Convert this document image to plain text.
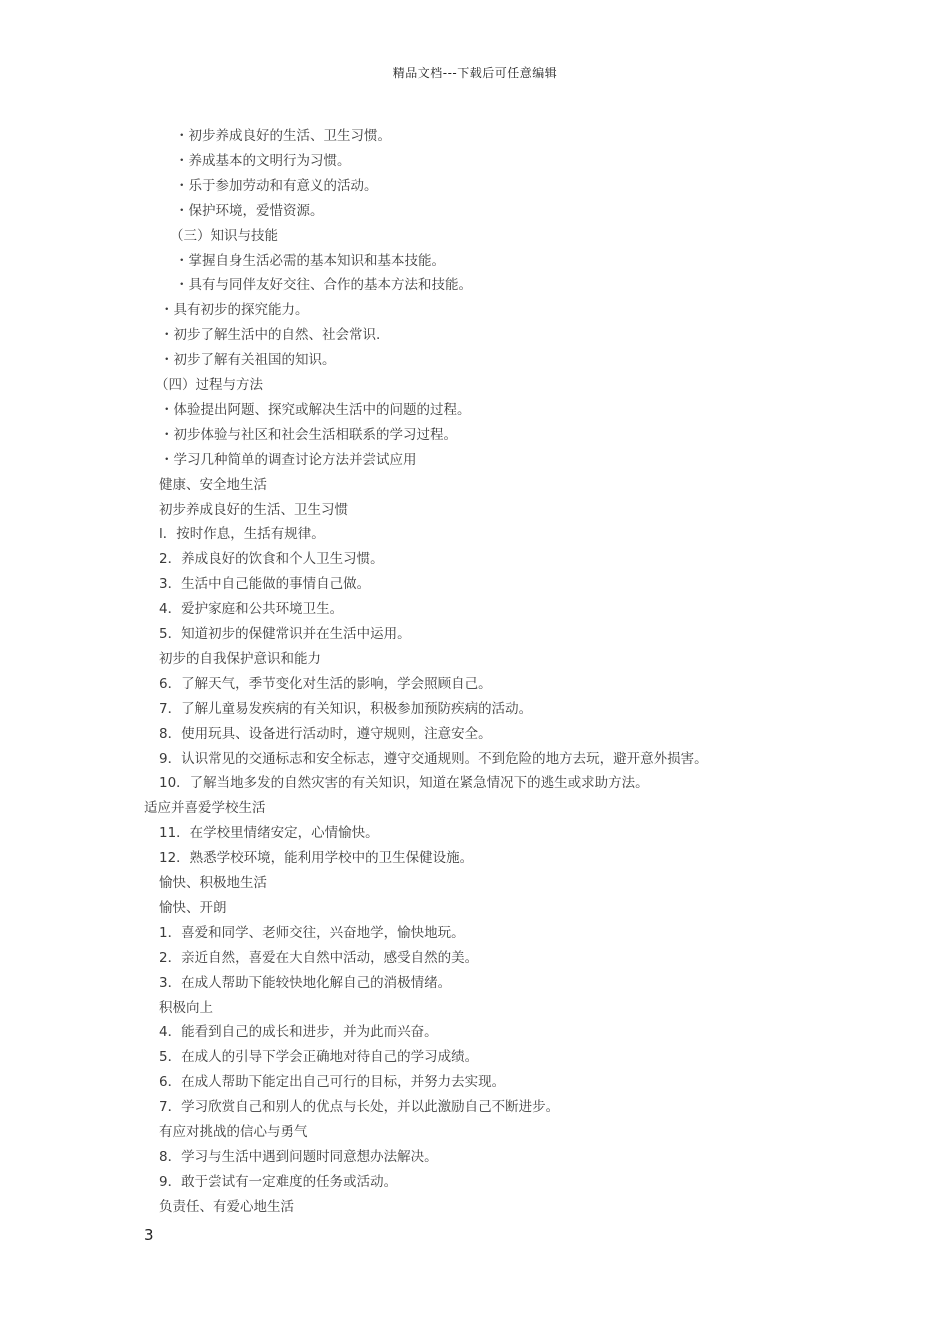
精品文档---下载后可任意编辑
・初步养成良好的生活、卫生习惯。
・养成基本的文明行为习惯。
・乐于参加劳动和有意义的活动。
・保护环境，爱惜资源。
（三）知识与技能
・掌握自身生活必需的基本知识和基本技能。
・具有与同伴友好交往、合作的基本方法和技能。
・具有初步的探究能力。
・初步了解生活中的自然、社会常识.
・初步了解有关祖国的知识。
（四）过程与方法
・体验提出阿题、探究或解决生活中的问题的过程。
・初步体验与社区和社会生活相联系的学习过程。
・学习几种简单的调查讨论方法并尝试应用
健康、安全地生活
初步养成良好的生活、卫生习惯
l．按时作息，生括有规律。
2．养成良好的饮食和个人卫生习惯。
3．生活中自己能做的事情自己做。
4．爱护家庭和公共环境卫生。
5．知道初步的保健常识并在生活中运用。
初步的自我保护意识和能力
6．了解天气，季节变化对生活的影响，学会照顾自己。
7．了解儿童易发疾病的有关知识，积极参加预防疾病的活动。
8．使用玩具、设备进行活动时，遵守规则，注意安全。
9．认识常见的交通标志和安全标志，遵守交通规则。不到危险的地方去玩，避开意外损害。
10．了解当地多发的自然灾害的有关知识，知道在紧急情况下的逃生或求助方法。
适应并喜爱学校生活
11．在学校里情绪安定，心情愉快。
12．熟悉学校环境，能利用学校中的卫生保健设施。
愉快、积极地生活
愉快、开朗
1．喜爱和同学、老师交往，兴奋地学，愉快地玩。
2．亲近自然，喜爱在大自然中活动，感受自然的美。
3．在成人帮助下能较快地化解自己的消极情绪。
积极向上
4．能看到自己的成长和进步，并为此而兴奋。
5．在成人的引导下学会正确地对待自己的学习成绩。
6．在成人帮助下能定出自己可行的目标，并努力去实现。
7．学习欣赏自己和别人的优点与长处，并以此激励自己不断进步。
有应对挑战的信心与勇气
8．学习与生活中遇到问题时同意想办法解决。
9．敢于尝试有一定难度的任务或活动。
负责任、有爱心地生活
3
